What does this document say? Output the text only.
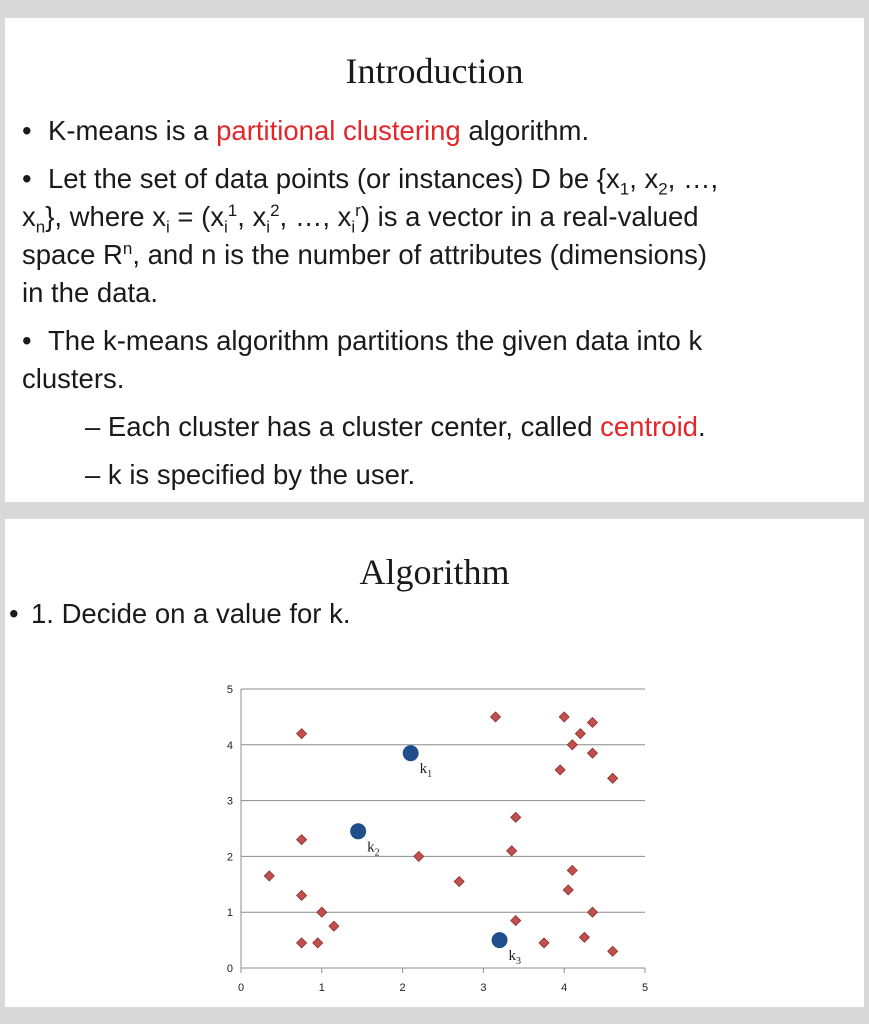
Introduction
• K-means is a partitional clustering algorithm.
• Let the set of data points (or instances) D be {$x_1$, $x_2$, …,
$x_n$}, where $x_i = (x_i^1$, $x_i^2$, …, $x_i^r$) is a vector in a real-valued
space $R^n$, and n is the number of attributes (dimensions)
in the data.
• The k-means algorithm partitions the given data into k
clusters.
– Each cluster has a cluster center, called centroid.
– k is specified by the user.
Algorithm
• 1. Decide on a value for k.
0
1
2
3
4
5
0	1	2	3	4	5
$k_1$
$k_2$
$k_3$
